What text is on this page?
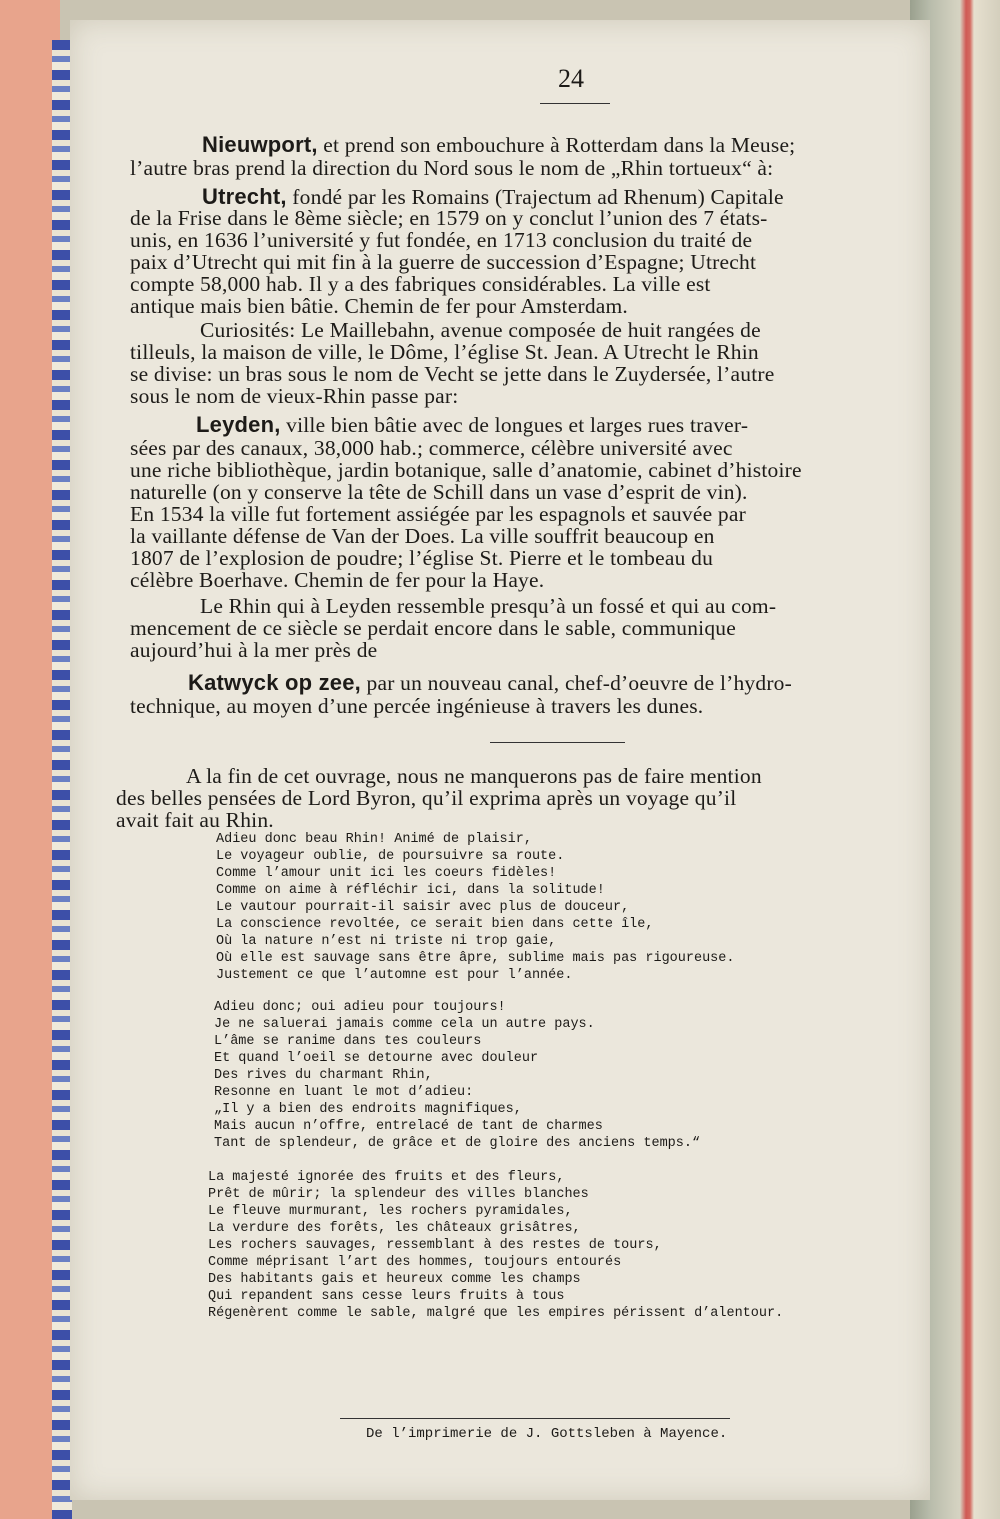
24
Nieuwport, et prend son embouchure à Rotterdam dans la Meuse;
l’autre bras prend la direction du Nord sous le nom de „Rhin tortueux“ à:
Utrecht, fondé par les Romains (Trajectum ad Rhenum) Capitale
de la Frise dans le 8ème siècle; en 1579 on y conclut l’union des 7 états-
unis, en 1636 l’université y fut fondée, en 1713 conclusion du traité de
paix d’Utrecht qui mit fin à la guerre de succession d’Espagne; Utrecht
compte 58,000 hab. Il y a des fabriques considérables. La ville est
antique mais bien bâtie. Chemin de fer pour Amsterdam.
Curiosités: Le Maillebahn, avenue composée de huit rangées de
tilleuls, la maison de ville, le Dôme, l’église St. Jean. A Utrecht le Rhin
se divise: un bras sous le nom de Vecht se jette dans le Zuydersée, l’autre
sous le nom de vieux-Rhin passe par:
Leyden, ville bien bâtie avec de longues et larges rues traver-
sées par des canaux, 38,000 hab.; commerce, célèbre université avec
une riche bibliothèque, jardin botanique, salle d’anatomie, cabinet d’histoire
naturelle (on y conserve la tête de Schill dans un vase d’esprit de vin).
En 1534 la ville fut fortement assiégée par les espagnols et sauvée par
la vaillante défense de Van der Does. La ville souffrit beaucoup en
1807 de l’explosion de poudre; l’église St. Pierre et le tombeau du
célèbre Boerhave. Chemin de fer pour la Haye.
Le Rhin qui à Leyden ressemble presqu’à un fossé et qui au com-
mencement de ce siècle se perdait encore dans le sable, communique
aujourd’hui à la mer près de
Katwyck op zee, par un nouveau canal, chef-d’oeuvre de l’hydro-
technique, au moyen d’une percée ingénieuse à travers les dunes.
A la fin de cet ouvrage, nous ne manquerons pas de faire mention
des belles pensées de Lord Byron, qu’il exprima après un voyage qu’il
avait fait au Rhin.
Adieu donc beau Rhin! Animé de plaisir,
Le voyageur oublie, de poursuivre sa route.
Comme l’amour unit ici les coeurs fidèles!
Comme on aime à réfléchir ici, dans la solitude!
Le vautour pourrait-il saisir avec plus de douceur,
La conscience revoltée, ce serait bien dans cette île,
Où la nature n’est ni triste ni trop gaie,
Où elle est sauvage sans être âpre, sublime mais pas rigoureuse.
Justement ce que l’automne est pour l’année.
Adieu donc; oui adieu pour toujours!
Je ne saluerai jamais comme cela un autre pays.
L’âme se ranime dans tes couleurs
Et quand l’oeil se detourne avec douleur
Des rives du charmant Rhin,
Resonne en luant le mot d’adieu:
„Il y a bien des endroits magnifiques,
Mais aucun n’offre, entrelacé de tant de charmes
Tant de splendeur, de grâce et de gloire des anciens temps.“
La majesté ignorée des fruits et des fleurs,
Prêt de mûrir; la splendeur des villes blanches
Le fleuve murmurant, les rochers pyramidales,
La verdure des forêts, les châteaux grisâtres,
Les rochers sauvages, ressemblant à des restes de tours,
Comme méprisant l’art des hommes, toujours entourés
Des habitants gais et heureux comme les champs
Qui repandent sans cesse leurs fruits à tous
Régenèrent comme le sable, malgré que les empires périssent d’alentour.
De l’imprimerie de J. Gottsleben à Mayence.
